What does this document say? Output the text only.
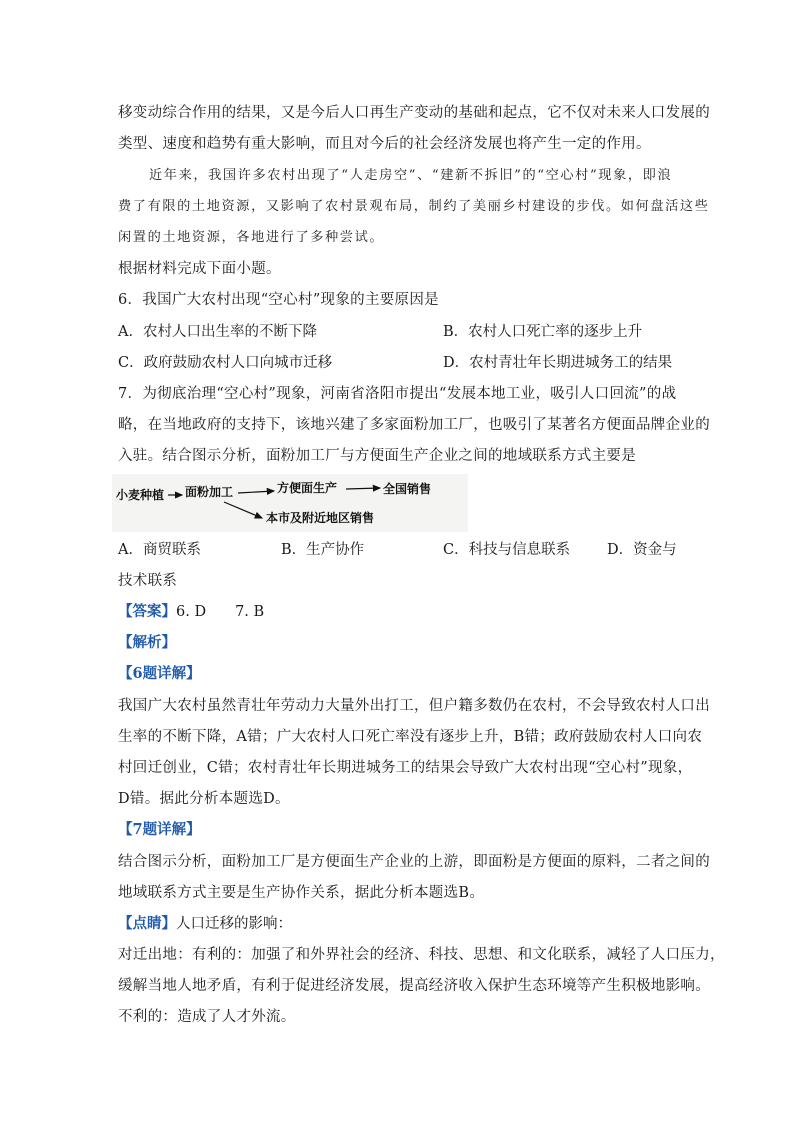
移变动综合作用的结果，又是今后人口再生产变动的基础和起点，它不仅对未来人口发展的
类型、速度和趋势有重大影响，而且对今后的社会经济发展也将产生一定的作用。
近年来，我国许多农村出现了“人走房空”、“建新不拆旧”的“空心村”现象，即浪
费了有限的土地资源，又影响了农村景观布局，制约了美丽乡村建设的步伐。如何盘活这些
闲置的土地资源，各地进行了多种尝试。
根据材料完成下面小题。
6．我国广大农村出现“空心村”现象的主要原因是
A．农村人口出生率的不断下降	B．农村人口死亡率的逐步上升
C．政府鼓励农村人口向城市迁移	D．农村青壮年长期进城务工的结果
7．为彻底治理“空心村”现象，河南省洛阳市提出“发展本地工业，吸引人口回流”的战
略，在当地政府的支持下，该地兴建了多家面粉加工厂，也吸引了某著名方便面品牌企业的
入驻。结合图示分析，面粉加工厂与方便面生产企业之间的地域联系方式主要是
小麦种植 面粉加工	方便面生产	全国销售
本市及附近地区销售
A．商贸联系	B．生产协作	C．科技与信息联系	D．资金与
技术联系
【答案】6. D　　7. B
【解析】
【6题详解】
我国广大农村虽然青壮年劳动力大量外出打工，但户籍多数仍在农村，不会导致农村人口出
生率的不断下降，A错；广大农村人口死亡率没有逐步上升，B错；政府鼓励农村人口向农
村回迁创业，C错；农村青壮年长期进城务工的结果会导致广大农村出现“空心村”现象，
D错。据此分析本题选D。
【7题详解】
结合图示分析，面粉加工厂是方便面生产企业的上游，即面粉是方便面的原料，二者之间的
地域联系方式主要是生产协作关系，据此分析本题选B。
【点睛】人口迁移的影响：
对迁出地：有利的：加强了和外界社会的经济、科技、思想、和文化联系，减轻了人口压力，
缓解当地人地矛盾，有利于促进经济发展，提高经济收入保护生态环境等产生积极地影响。
不利的：造成了人才外流。
